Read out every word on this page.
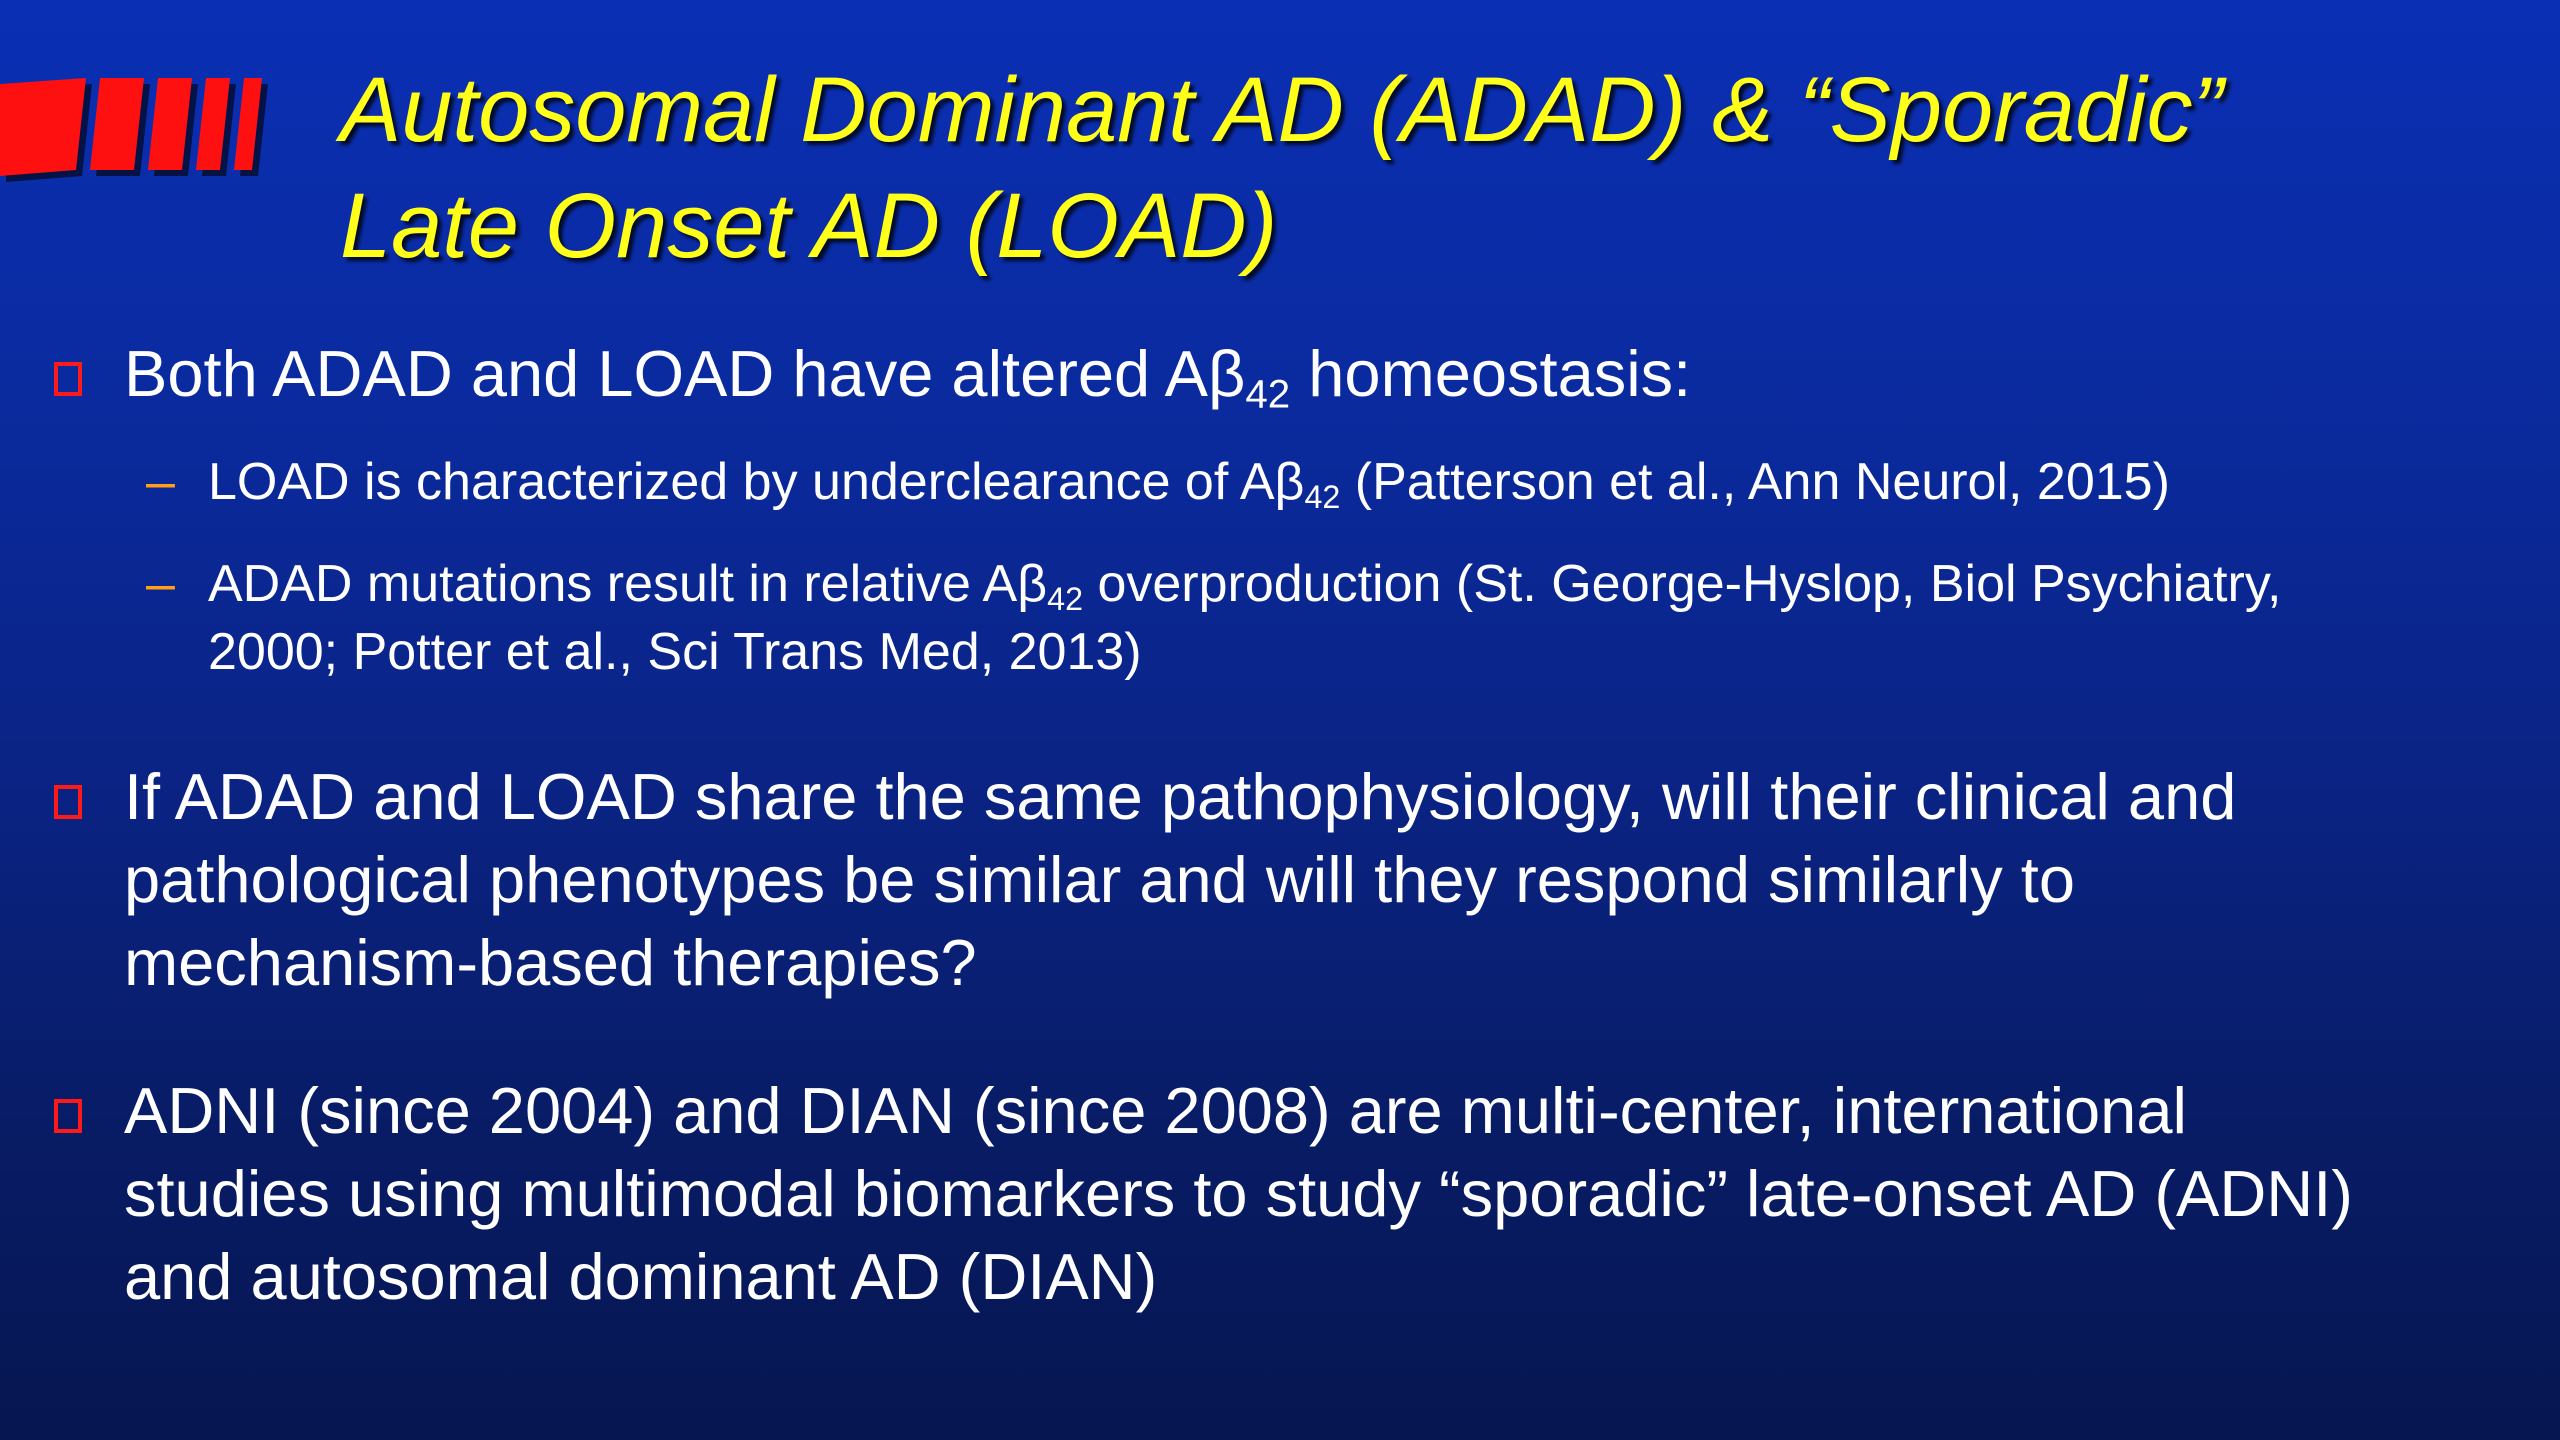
Autosomal Dominant AD (ADAD) & “Sporadic”
Late Onset AD (LOAD)
Both ADAD and LOAD have altered $A\beta_{42}$ homeostasis:
– LOAD is characterized by underclearance of $A\beta_{42}$ (Patterson et al., Ann Neurol, 2015)
– ADAD mutations result in relative $A\beta_{42}$ overproduction (St. George-Hyslop, Biol Psychiatry, 2000; Potter et al., Sci Trans Med, 2013)
If ADAD and LOAD share the same pathophysiology, will their clinical and pathological phenotypes be similar and will they respond similarly to mechanism-based therapies?
ADNI (since 2004) and DIAN (since 2008) are multi-center, international studies using multimodal biomarkers to study “sporadic” late-onset AD (ADNI) and autosomal dominant AD (DIAN)
